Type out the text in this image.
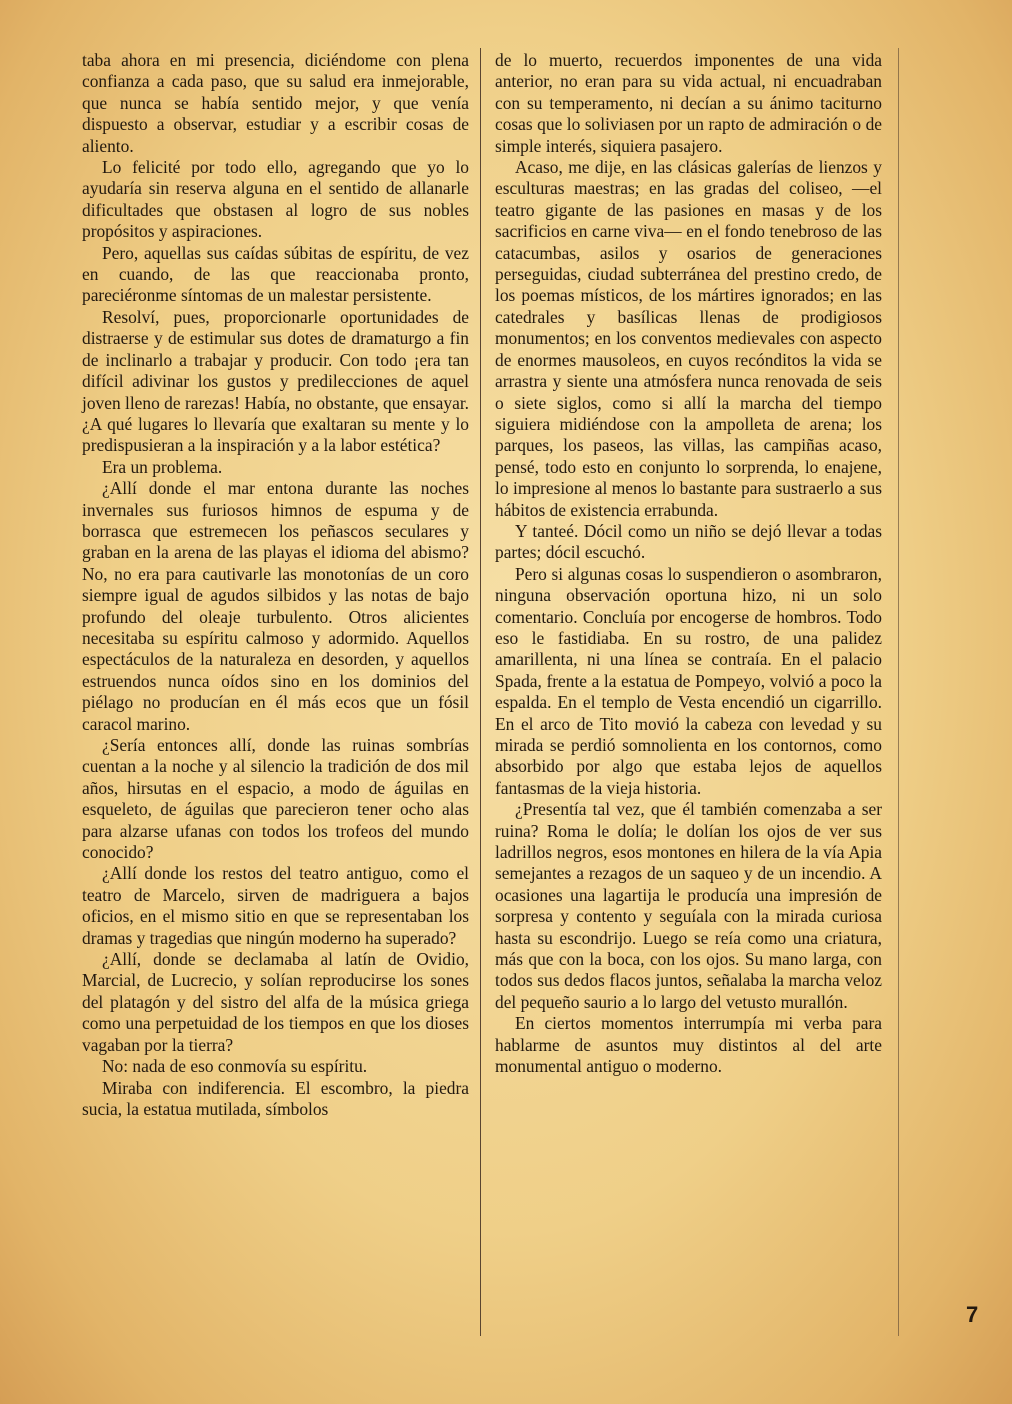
taba ahora en mi presencia, diciéndome con plena confianza a cada paso, que su salud era inmejorable, que nunca se había sentido mejor, y que venía dispuesto a observar, estudiar y a escribir cosas de aliento.

Lo felicité por todo ello, agregando que yo lo ayudaría sin reserva alguna en el sentido de allanarle dificultades que obstasen al logro de sus nobles propósitos y aspiraciones.

Pero, aquellas sus caídas súbitas de espíritu, de vez en cuando, de las que reaccionaba pronto, pareciéronme síntomas de un malestar persistente.

Resolví, pues, proporcionarle oportunidades de distraerse y de estimular sus dotes de dramaturgo a fin de inclinarlo a trabajar y producir. Con todo ¡era tan difícil adivinar los gustos y predilecciones de aquel joven lleno de rarezas! Había, no obstante, que ensayar. ¿A qué lugares lo llevaría que exaltaran su mente y lo predispusieran a la inspiración y a la labor estética?

Era un problema.

¿Allí donde el mar entona durante las noches invernales sus furiosos himnos de espuma y de borrasca que estremecen los peñascos seculares y graban en la arena de las playas el idioma del abismo? No, no era para cautivarle las monotonías de un coro siempre igual de agudos silbidos y las notas de bajo profundo del oleaje turbulento. Otros alicientes necesitaba su espíritu calmoso y adormido. Aquellos espectáculos de la naturaleza en desorden, y aquellos estruendos nunca oídos sino en los dominios del piélago no producían en él más ecos que un fósil caracol marino.

¿Sería entonces allí, donde las ruinas sombrías cuentan a la noche y al silencio la tradición de dos mil años, hirsutas en el espacio, a modo de águilas en esqueleto, de águilas que parecieron tener ocho alas para alzarse ufanas con todos los trofeos del mundo conocido?

¿Allí donde los restos del teatro antiguo, como el teatro de Marcelo, sirven de madriguera a bajos oficios, en el mismo sitio en que se representaban los dramas y tragedias que ningún moderno ha superado?

¿Allí, donde se declamaba al latín de Ovidio, Marcial, de Lucrecio, y solían reproducirse los sones del platagón y del sistro del alfa de la música griega como una perpetuidad de los tiempos en que los dioses vagaban por la tierra?

No: nada de eso conmovía su espíritu.

Miraba con indiferencia. El escombro, la piedra sucia, la estatua mutilada, símbolos

de lo muerto, recuerdos imponentes de una vida anterior, no eran para su vida actual, ni encuadraban con su temperamento, ni decían a su ánimo taciturno cosas que lo soliviasen por un rapto de admiración o de simple interés, siquiera pasajero.

Acaso, me dije, en las clásicas galerías de lienzos y esculturas maestras; en las gradas del coliseo, —el teatro gigante de las pasiones en masas y de los sacrificios en carne viva— en el fondo tenebroso de las catacumbas, asilos y osarios de generaciones perseguidas, ciudad subterránea del prestino credo, de los poemas místicos, de los mártires ignorados; en las catedrales y basílicas llenas de prodigiosos monumentos; en los conventos medievales con aspecto de enormes mausoleos, en cuyos recónditos la vida se arrastra y siente una atmósfera nunca renovada de seis o siete siglos, como si allí la marcha del tiempo siguiera midiéndose con la ampolleta de arena; los parques, los paseos, las villas, las campiñas acaso, pensé, todo esto en conjunto lo sorprenda, lo enajene, lo impresione al menos lo bastante para sustraerlo a sus hábitos de existencia errabunda.

Y tanteé. Dócil como un niño se dejó llevar a todas partes; dócil escuchó.

Pero si algunas cosas lo suspendieron o asombraron, ninguna observación oportuna hizo, ni un solo comentario. Concluía por encogerse de hombros. Todo eso le fastidiaba. En su rostro, de una palidez amarillenta, ni una línea se contraía. En el palacio Spada, frente a la estatua de Pompeyo, volvió a poco la espalda. En el templo de Vesta encendió un cigarrillo. En el arco de Tito movió la cabeza con levedad y su mirada se perdió somnolienta en los contornos, como absorbido por algo que estaba lejos de aquellos fantasmas de la vieja historia.

¿Presentía tal vez, que él también comenzaba a ser ruina? Roma le dolía; le dolían los ojos de ver sus ladrillos negros, esos montones en hilera de la vía Apia semejantes a rezagos de un saqueo y de un incendio. A ocasiones una lagartija le producía una impresión de sorpresa y contento y seguíala con la mirada curiosa hasta su escondrijo. Luego se reía como una criatura, más que con la boca, con los ojos. Su mano larga, con todos sus dedos flacos juntos, señalaba la marcha veloz del pequeño saurio a lo largo del vetusto murallón.

En ciertos momentos interrumpía mi verba para hablarme de asuntos muy distintos al del arte monumental antiguo o moderno.

7
